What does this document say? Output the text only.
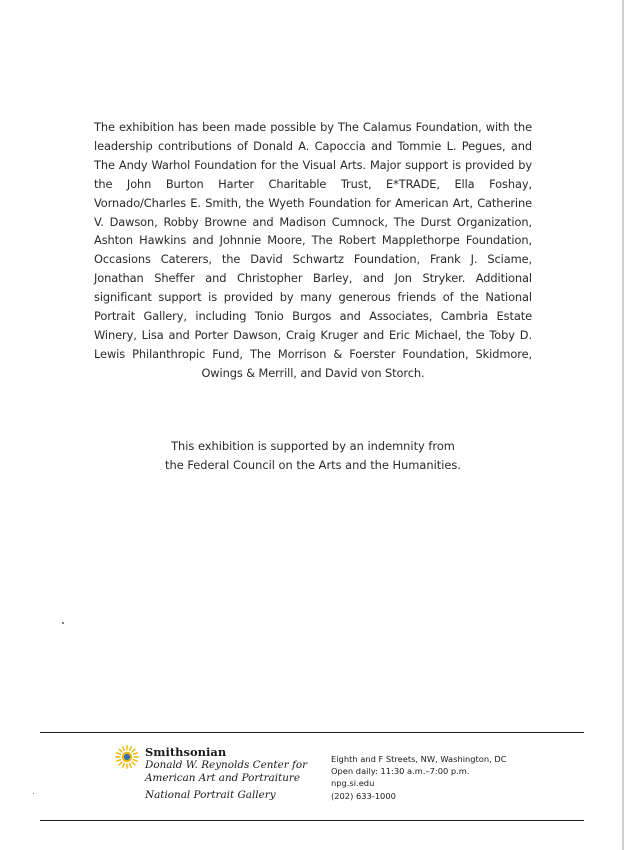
The exhibition has been made possible by The Calamus Foundation, with the leadership contributions of Donald A. Capoccia and Tommie L. Pegues, and The Andy Warhol Foundation for the Visual Arts. Major support is provided by the John Burton Harter Charitable Trust, E*TRADE, Ella Foshay, Vornado/Charles E. Smith, the Wyeth Foundation for American Art, Catherine V. Dawson, Robby Browne and Madison Cumnock, The Durst Organization, Ashton Hawkins and Johnnie Moore, The Robert Mapplethorpe Foundation, Occasions Caterers, the David Schwartz Foundation, Frank J. Sciame, Jonathan Sheffer and Christopher Barley, and Jon Stryker. Additional significant support is provided by many generous friends of the National Portrait Gallery, including Tonio Burgos and Associates, Cambria Estate Winery, Lisa and Porter Dawson, Craig Kruger and Eric Michael, the Toby D. Lewis Philanthropic Fund, The Morrison & Foerster Foundation, Skidmore, Owings & Merrill, and David von Storch.

This exhibition is supported by an indemnity from
the Federal Council on the Arts and the Humanities.

Smithsonian
Donald W. Reynolds Center for
American Art and Portraiture
National Portrait Gallery
Eighth and F Streets, NW, Washington, DC
Open daily: 11:30 a.m.–7:00 p.m.
npg.si.edu
(202) 633-1000
